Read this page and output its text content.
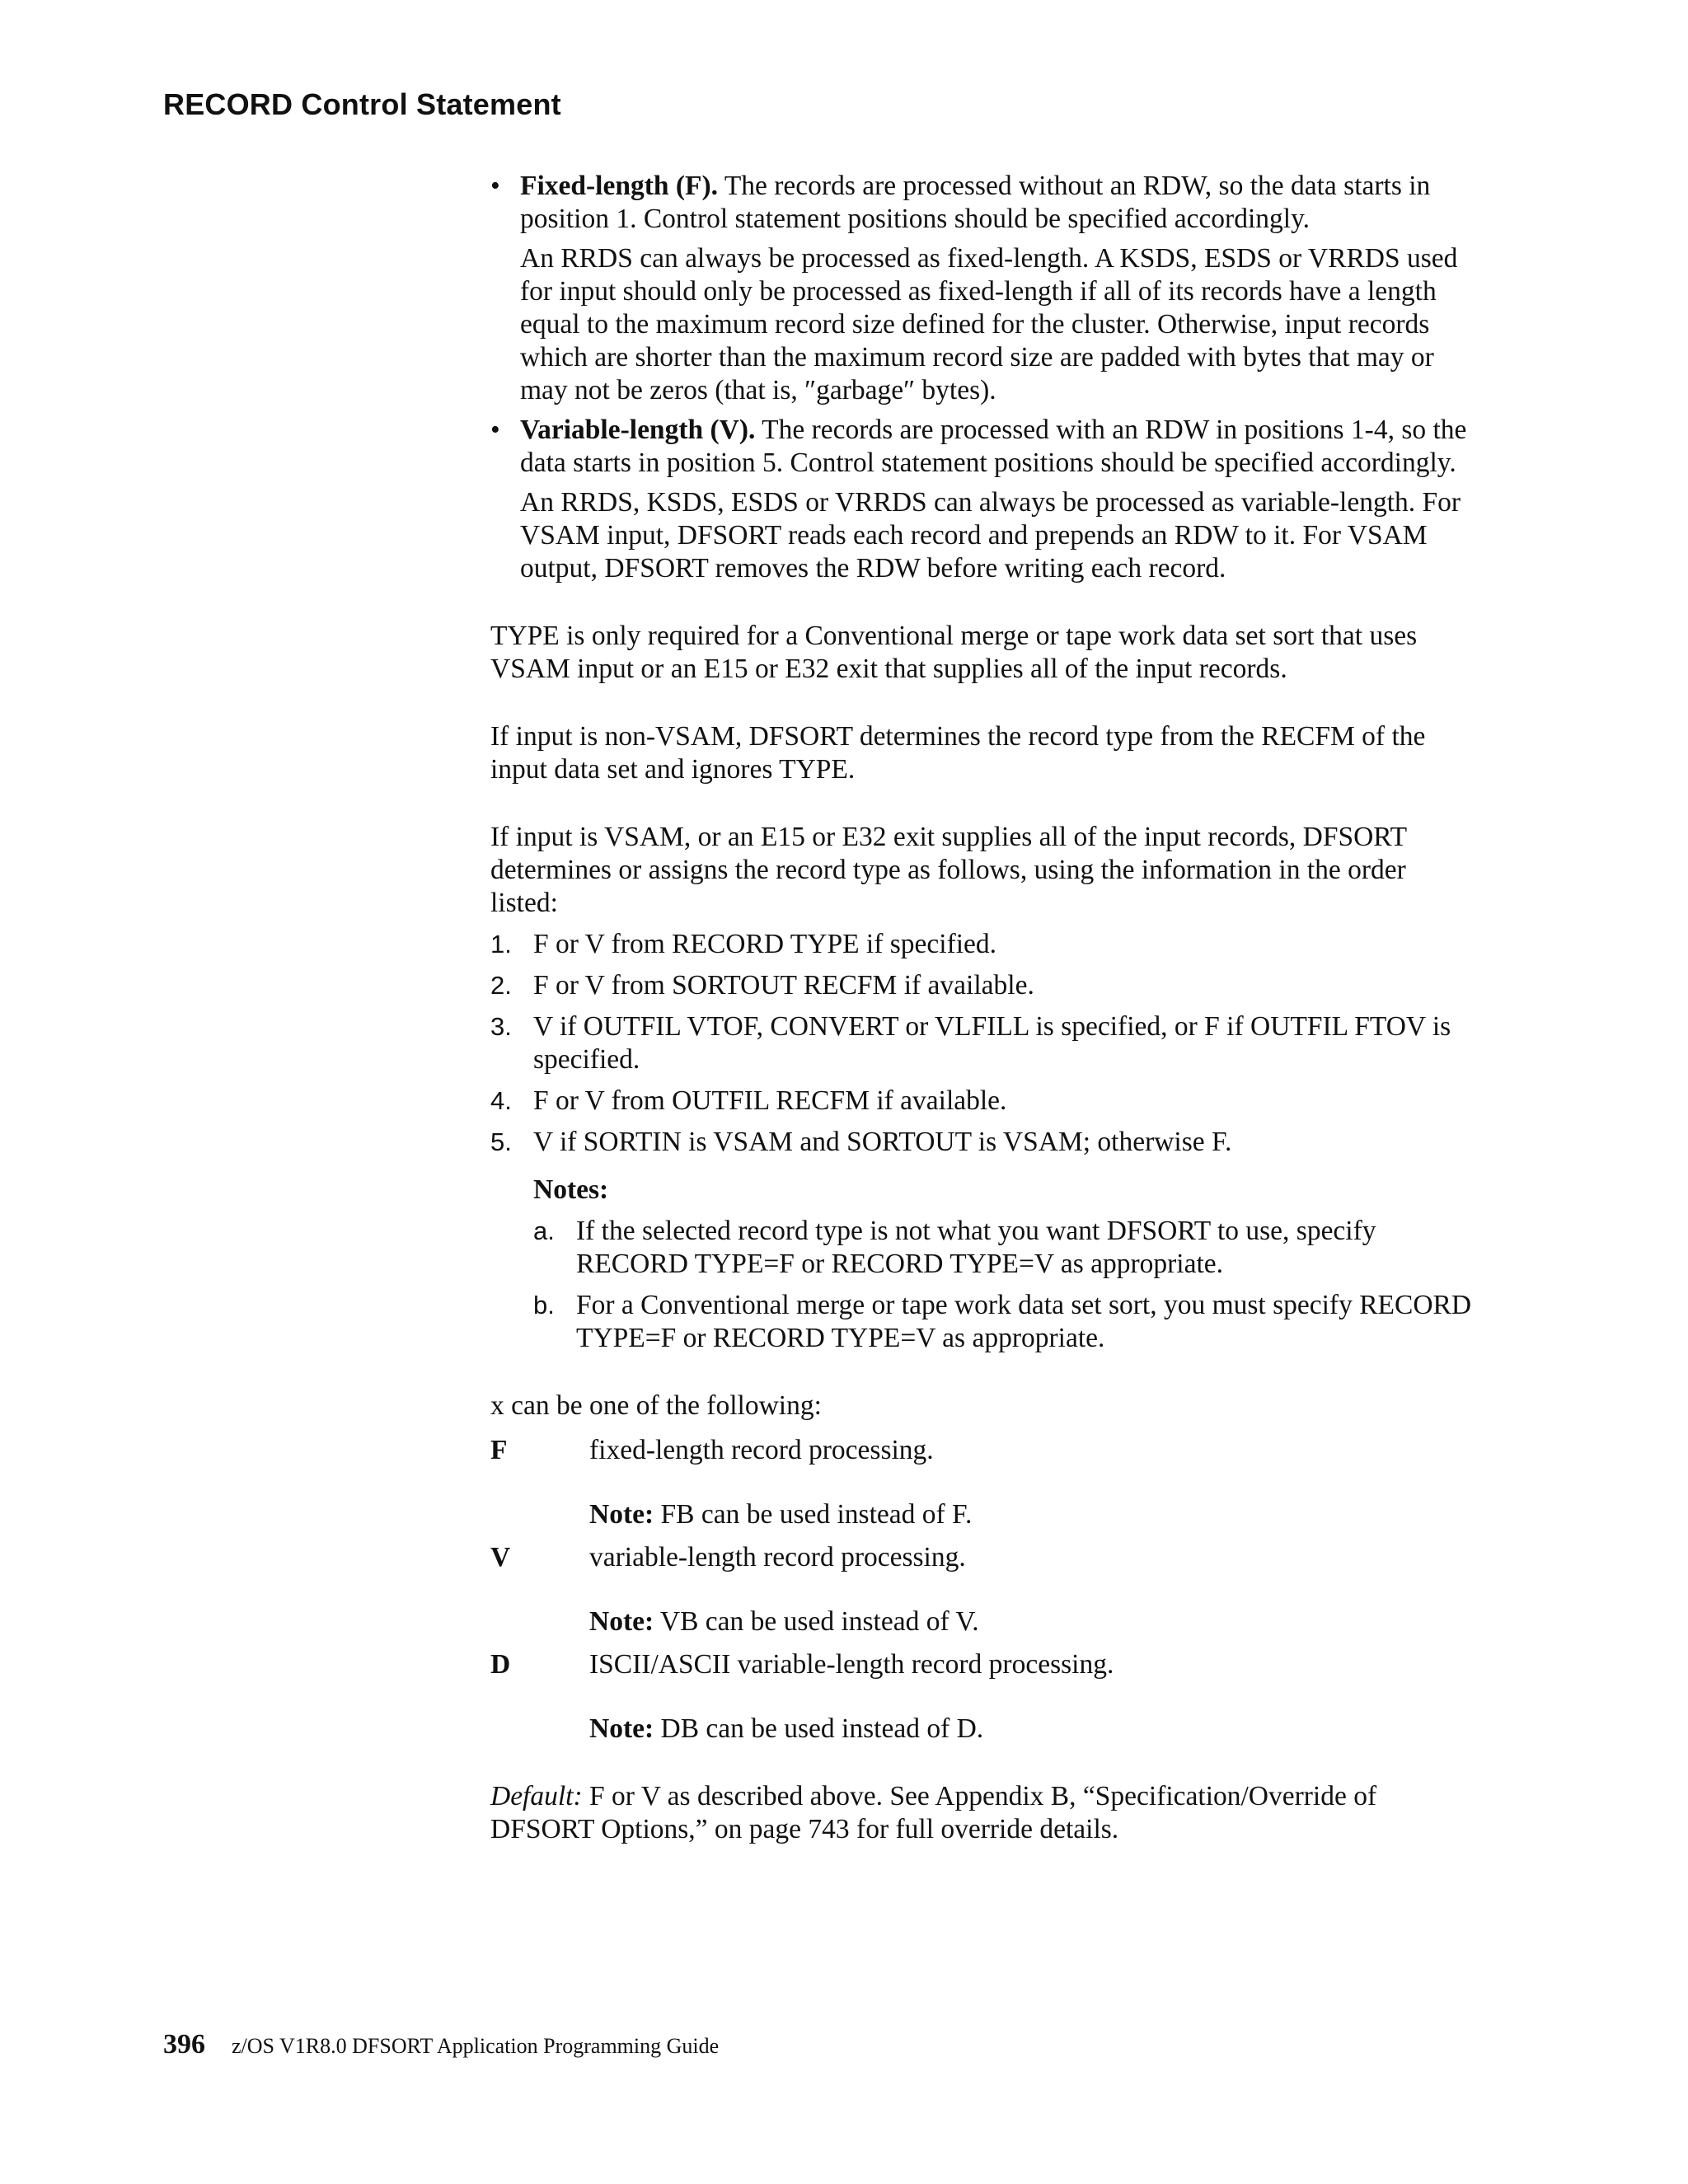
RECORD Control Statement
• Fixed-length (F). The records are processed without an RDW, so the data starts in position 1. Control statement positions should be specified accordingly.
An RRDS can always be processed as fixed-length. A KSDS, ESDS or VRRDS used for input should only be processed as fixed-length if all of its records have a length equal to the maximum record size defined for the cluster. Otherwise, input records which are shorter than the maximum record size are padded with bytes that may or may not be zeros (that is, ″garbage″ bytes).
• Variable-length (V). The records are processed with an RDW in positions 1-4, so the data starts in position 5. Control statement positions should be specified accordingly.
An RRDS, KSDS, ESDS or VRRDS can always be processed as variable-length. For VSAM input, DFSORT reads each record and prepends an RDW to it. For VSAM output, DFSORT removes the RDW before writing each record.
TYPE is only required for a Conventional merge or tape work data set sort that uses VSAM input or an E15 or E32 exit that supplies all of the input records.
If input is non-VSAM, DFSORT determines the record type from the RECFM of the input data set and ignores TYPE.
If input is VSAM, or an E15 or E32 exit supplies all of the input records, DFSORT determines or assigns the record type as follows, using the information in the order listed:
1. F or V from RECORD TYPE if specified.
2. F or V from SORTOUT RECFM if available.
3. V if OUTFIL VTOF, CONVERT or VLFILL is specified, or F if OUTFIL FTOV is specified.
4. F or V from OUTFIL RECFM if available.
5. V if SORTIN is VSAM and SORTOUT is VSAM; otherwise F.
Notes:
a. If the selected record type is not what you want DFSORT to use, specify RECORD TYPE=F or RECORD TYPE=V as appropriate.
b. For a Conventional merge or tape work data set sort, you must specify RECORD TYPE=F or RECORD TYPE=V as appropriate.
x can be one of the following:
F	fixed-length record processing.
Note: FB can be used instead of F.
V	variable-length record processing.
Note: VB can be used instead of V.
D	ISCII/ASCII variable-length record processing.
Note: DB can be used instead of D.
Default: F or V as described above. See Appendix B, “Specification/Override of DFSORT Options,” on page 743 for full override details.
396 z/OS V1R8.0 DFSORT Application Programming Guide
